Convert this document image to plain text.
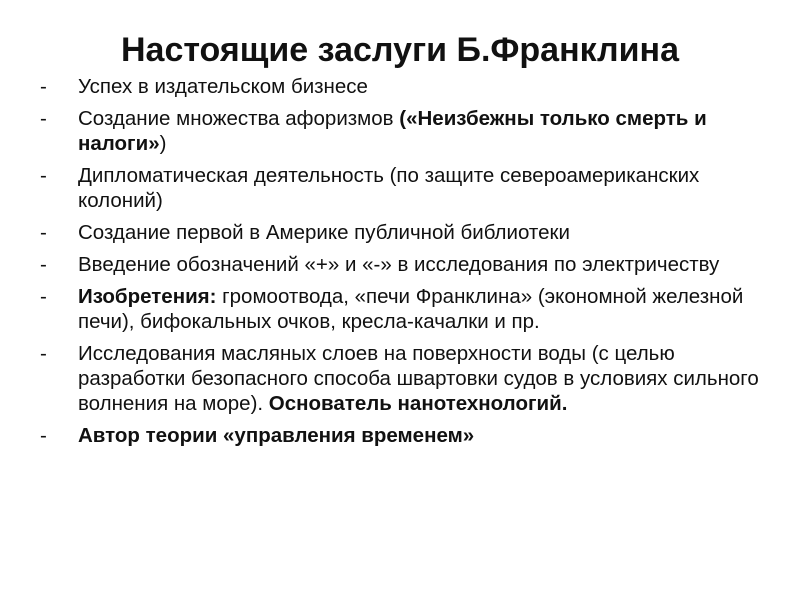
Настоящие заслуги Б.Франклина
-	Успех в издательском бизнесе
-	Создание множества афоризмов («Неизбежны только смерть и налоги»)
-	Дипломатическая деятельность (по защите североамериканских колоний)
-	Создание первой в Америке публичной библиотеки
-	Введение обозначений «+» и «-» в исследования по электричеству
-	Изобретения: громоотвода, «печи Франклина» (экономной железной печи), бифокальных очков, кресла-качалки и пр.
-	Исследования масляных слоев на поверхности воды (с целью разработки безопасного способа швартовки судов в условиях сильного волнения на море). Основатель нанотехнологий.
-	Автор теории «управления временем»
